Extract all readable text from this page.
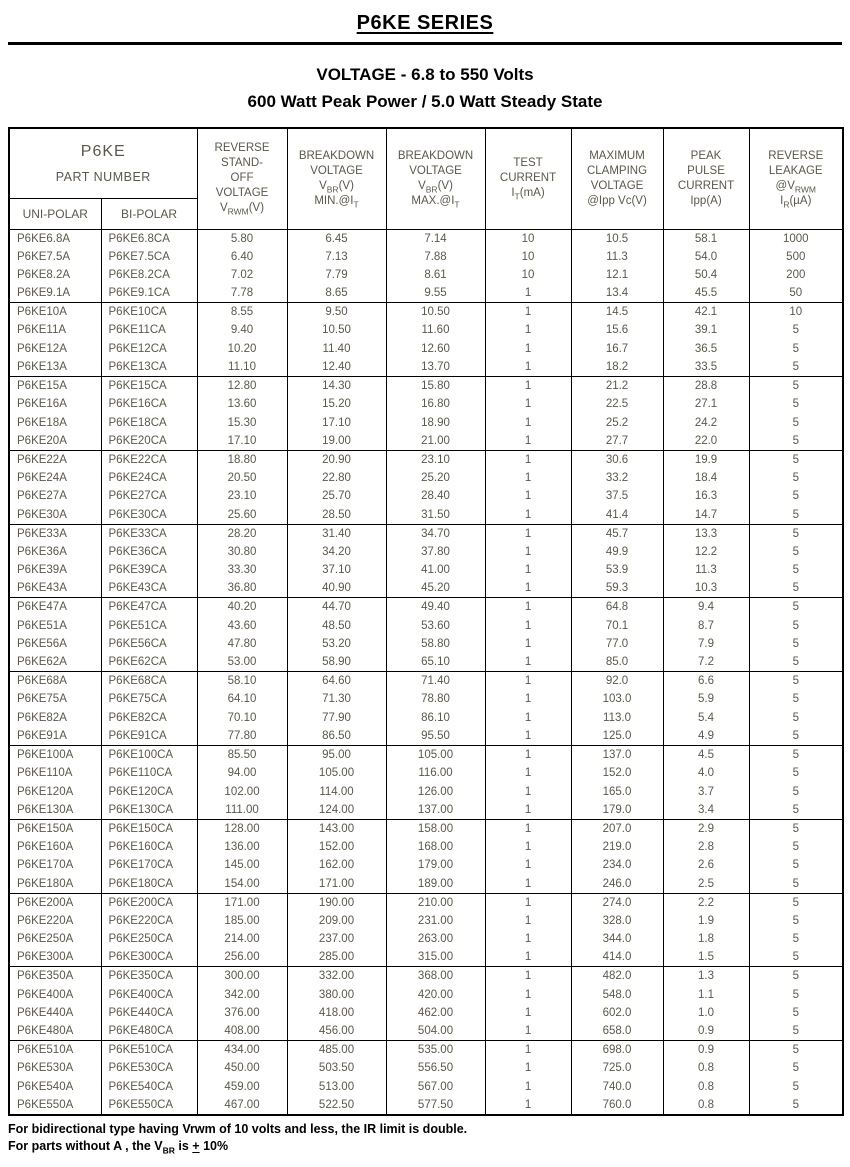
P6KE SERIES
VOLTAGE - 6.8 to 550 Volts
600 Watt Peak Power / 5.0 Watt Steady State
P6KE
PART NUMBER

REVERSE
STAND-
OFF
VOLTAGE
$V_{RWM}(V)$

BREAKDOWN
VOLTAGE
$V_{BR}(V)$
$MIN.@I_T$

BREAKDOWN
VOLTAGE
$V_{BR}(V)$
$MAX.@I_T$

TEST
CURRENT
$I_T(mA)$

MAXIMUM
CLAMPING
VOLTAGE
@Ipp Vc(V)

PEAK
PULSE
CURRENT
Ipp(A)

REVERSE
LEAKAGE
$@V_{RWM}$
$I_R(\mu A)$

UNI-POLAR	BI-POLAR							
P6KE6.8A	P6KE6.8CA	5.80	6.45	7.14	10	10.5	58.1	1000
P6KE7.5A	P6KE7.5CA	6.40	7.13	7.88	10	11.3	54.0	500
P6KE8.2A	P6KE8.2CA	7.02	7.79	8.61	10	12.1	50.4	200
P6KE9.1A	P6KE9.1CA	7.78	8.65	9.55	1	13.4	45.5	50
P6KE10A	P6KE10CA	8.55	9.50	10.50	1	14.5	42.1	10
P6KE11A	P6KE11CA	9.40	10.50	11.60	1	15.6	39.1	5
P6KE12A	P6KE12CA	10.20	11.40	12.60	1	16.7	36.5	5
P6KE13A	P6KE13CA	11.10	12.40	13.70	1	18.2	33.5	5
P6KE15A	P6KE15CA	12.80	14.30	15.80	1	21.2	28.8	5
P6KE16A	P6KE16CA	13.60	15.20	16.80	1	22.5	27.1	5
P6KE18A	P6KE18CA	15.30	17.10	18.90	1	25.2	24.2	5
P6KE20A	P6KE20CA	17.10	19.00	21.00	1	27.7	22.0	5
P6KE22A	P6KE22CA	18.80	20.90	23.10	1	30.6	19.9	5
P6KE24A	P6KE24CA	20.50	22.80	25.20	1	33.2	18.4	5
P6KE27A	P6KE27CA	23.10	25.70	28.40	1	37.5	16.3	5
P6KE30A	P6KE30CA	25.60	28.50	31.50	1	41.4	14.7	5
P6KE33A	P6KE33CA	28.20	31.40	34.70	1	45.7	13.3	5
P6KE36A	P6KE36CA	30.80	34.20	37.80	1	49.9	12.2	5
P6KE39A	P6KE39CA	33.30	37.10	41.00	1	53.9	11.3	5
P6KE43A	P6KE43CA	36.80	40.90	45.20	1	59.3	10.3	5
P6KE47A	P6KE47CA	40.20	44.70	49.40	1	64.8	9.4	5
P6KE51A	P6KE51CA	43.60	48.50	53.60	1	70.1	8.7	5
P6KE56A	P6KE56CA	47.80	53.20	58.80	1	77.0	7.9	5
P6KE62A	P6KE62CA	53.00	58.90	65.10	1	85.0	7.2	5
P6KE68A	P6KE68CA	58.10	64.60	71.40	1	92.0	6.6	5
P6KE75A	P6KE75CA	64.10	71.30	78.80	1	103.0	5.9	5
P6KE82A	P6KE82CA	70.10	77.90	86.10	1	113.0	5.4	5
P6KE91A	P6KE91CA	77.80	86.50	95.50	1	125.0	4.9	5
P6KE100A	P6KE100CA	85.50	95.00	105.00	1	137.0	4.5	5
P6KE110A	P6KE110CA	94.00	105.00	116.00	1	152.0	4.0	5
P6KE120A	P6KE120CA	102.00	114.00	126.00	1	165.0	3.7	5
P6KE130A	P6KE130CA	111.00	124.00	137.00	1	179.0	3.4	5
P6KE150A	P6KE150CA	128.00	143.00	158.00	1	207.0	2.9	5
P6KE160A	P6KE160CA	136.00	152.00	168.00	1	219.0	2.8	5
P6KE170A	P6KE170CA	145.00	162.00	179.00	1	234.0	2.6	5
P6KE180A	P6KE180CA	154.00	171.00	189.00	1	246.0	2.5	5
P6KE200A	P6KE200CA	171.00	190.00	210.00	1	274.0	2.2	5
P6KE220A	P6KE220CA	185.00	209.00	231.00	1	328.0	1.9	5
P6KE250A	P6KE250CA	214.00	237.00	263.00	1	344.0	1.8	5
P6KE300A	P6KE300CA	256.00	285.00	315.00	1	414.0	1.5	5
P6KE350A	P6KE350CA	300.00	332.00	368.00	1	482.0	1.3	5
P6KE400A	P6KE400CA	342.00	380.00	420.00	1	548.0	1.1	5
P6KE440A	P6KE440CA	376.00	418.00	462.00	1	602.0	1.0	5
P6KE480A	P6KE480CA	408.00	456.00	504.00	1	658.0	0.9	5
P6KE510A	P6KE510CA	434.00	485.00	535.00	1	698.0	0.9	5
P6KE530A	P6KE530CA	450.00	503.50	556.50	1	725.0	0.8	5
P6KE540A	P6KE540CA	459.00	513.00	567.00	1	740.0	0.8	5
P6KE550A	P6KE550CA	467.00	522.50	577.50	1	760.0	0.8	5
For bidirectional type having Vrwm of 10 volts and less, the IR limit is double.
For parts without A , the $V_{BR}$ is + 10%
